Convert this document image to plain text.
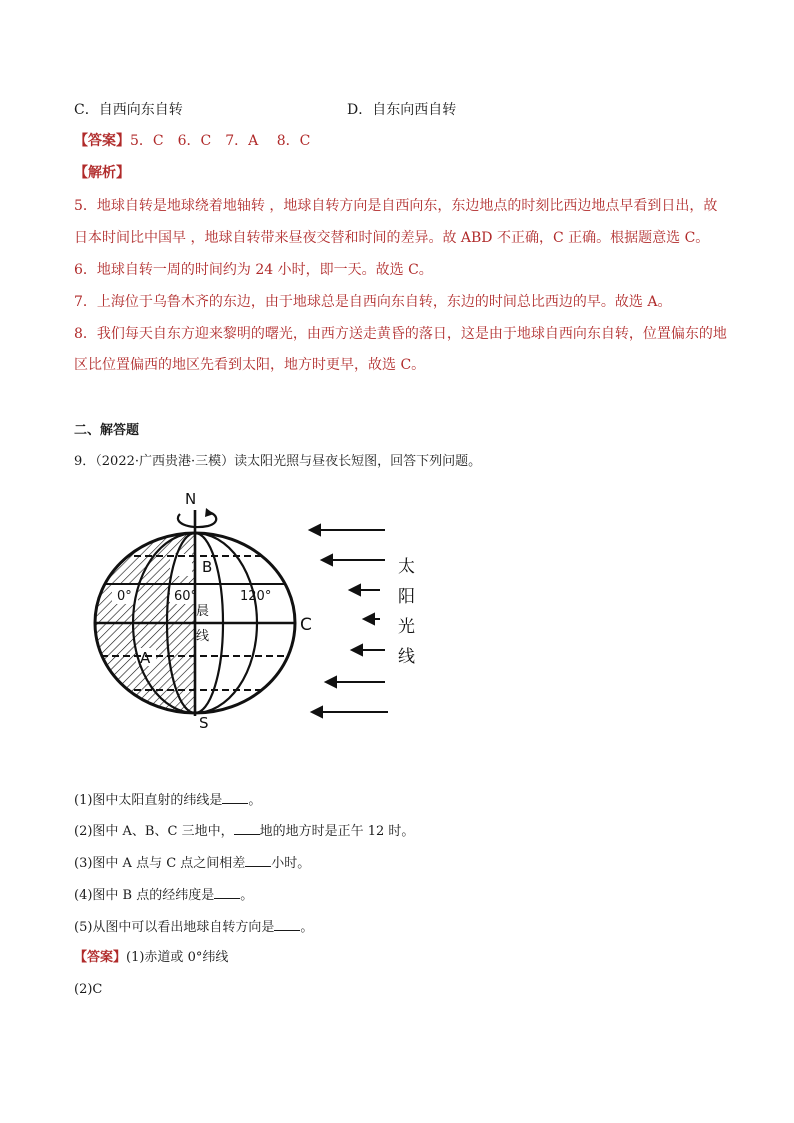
C．自西向东自转	D．自东向西自转
【答案】5．C　6．C　7．A　 8．C
【解析】
5．地球自转是地球绕着地轴转 ，地球自转方向是自西向东，东边地点的时刻比西边地点早看到日出，故
日本时间比中国早 ，地球自转带来昼夜交替和时间的差异。故 ABD 不正确，C 正确。根据题意选 C。
6．地球自转一周的时间约为 24 小时，即一天。故选 C。
7．上海位于乌鲁木齐的东边，由于地球总是自西向东自转，东边的时间总比西边的早。故选 A。
8．我们每天自东方迎来黎明的曙光，由西方送走黄昏的落日，这是由于地球自西向东自转，位置偏东的地
区比位置偏西的地区先看到太阳，地方时更早，故选 C。
二、解答题
9．（2022·广西贵港·三模）读太阳光照与昼夜长短图，回答下列问题。
N
S
B
A
C
0°	60°	120°
晨
线
太
阳
光
线
(1)图中太阳直射的纬线是 。
(2)图中 A、B、C 三地中， 地的地方时是正午 12 时。
(3)图中 A 点与 C 点之间相差 小时。
(4)图中 B 点的经纬度是 。
(5)从图中可以看出地球自转方向是 。
【答案】(1)赤道或 0°纬线
(2)C
